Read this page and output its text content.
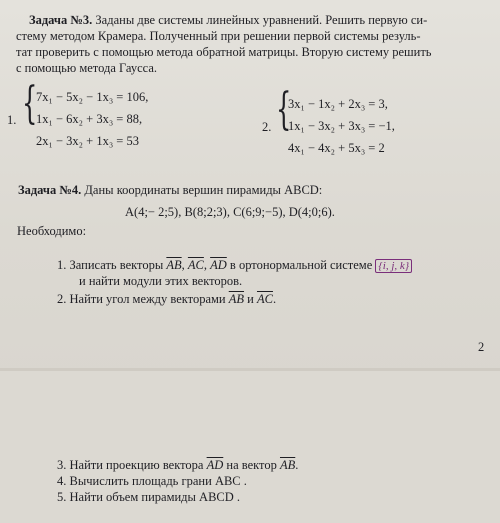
Задача №3. Заданы две системы линейных уравнений. Решить первую си-
стему методом Крамера. Полученный при решении первой системы резуль-
тат проверить с помощью метода обратной матрицы. Вторую систему решить
с помощью метода Гаусса.
1. {
7x₁ − 5x₂ − 1x₃ = 106,
1x₁ − 6x₂ + 3x₃ = 88,
2x₁ − 3x₂ + 1x₃ = 53
2. {
3x₁ − 1x₂ + 2x₃ = 3,
1x₁ − 3x₂ + 3x₃ = −1,
4x₁ − 4x₂ + 5x₃ = 2
Задача №4. Даны координаты вершин пирамиды ABCD:
A(4;− 2;5), B(8;2;3), C(6;9;−5), D(4;0;6).
Необходимо:
1. Записать векторы $\overline{AB}$, $\overline{AC}$, $\overline{AD}$ в ортонормальной системе {i, j, k}
и найти модули этих векторов.
2. Найти угол между векторами $\overline{AB}$ и $\overline{AC}$.
2
3. Найти проекцию вектора $\overline{AD}$ на вектор $\overline{AB}$.
4. Вычислить площадь грани ABC .
5. Найти объем пирамиды ABCD .
